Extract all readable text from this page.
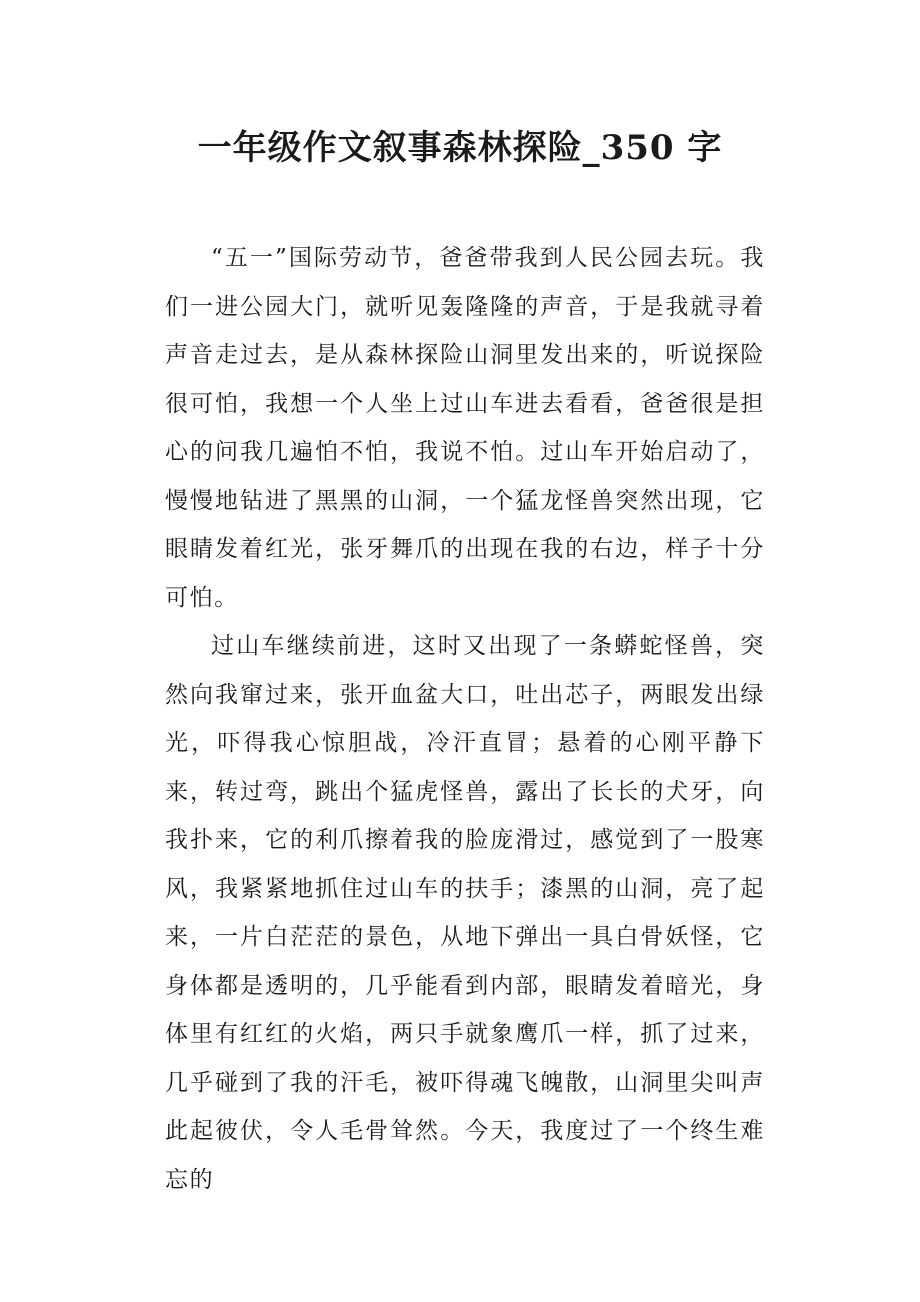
一年级作文叙事森林探险_350 字

“五一”国际劳动节，爸爸带我到人民公园去玩。我们一进公园大门，就听见轰隆隆的声音，于是我就寻着声音走过去，是从森林探险山洞里发出来的，听说探险很可怕，我想一个人坐上过山车进去看看，爸爸很是担心的问我几遍怕不怕，我说不怕。过山车开始启动了，慢慢地钻进了黑黑的山洞，一个猛龙怪兽突然出现，它眼睛发着红光，张牙舞爪的出现在我的右边，样子十分可怕。

过山车继续前进，这时又出现了一条蟒蛇怪兽，突然向我窜过来，张开血盆大口，吐出芯子，两眼发出绿光，吓得我心惊胆战，冷汗直冒；悬着的心刚平静下来，转过弯，跳出个猛虎怪兽，露出了长长的犬牙，向我扑来，它的利爪擦着我的脸庞滑过，感觉到了一股寒风，我紧紧地抓住过山车的扶手；漆黑的山洞，亮了起来，一片白茫茫的景色，从地下弹出一具白骨妖怪，它身体都是透明的，几乎能看到内部，眼睛发着暗光，身体里有红红的火焰，两只手就象鹰爪一样，抓了过来，几乎碰到了我的汗毛，被吓得魂飞魄散，山洞里尖叫声此起彼伏，令人毛骨耸然。今天，我度过了一个终生难忘的
